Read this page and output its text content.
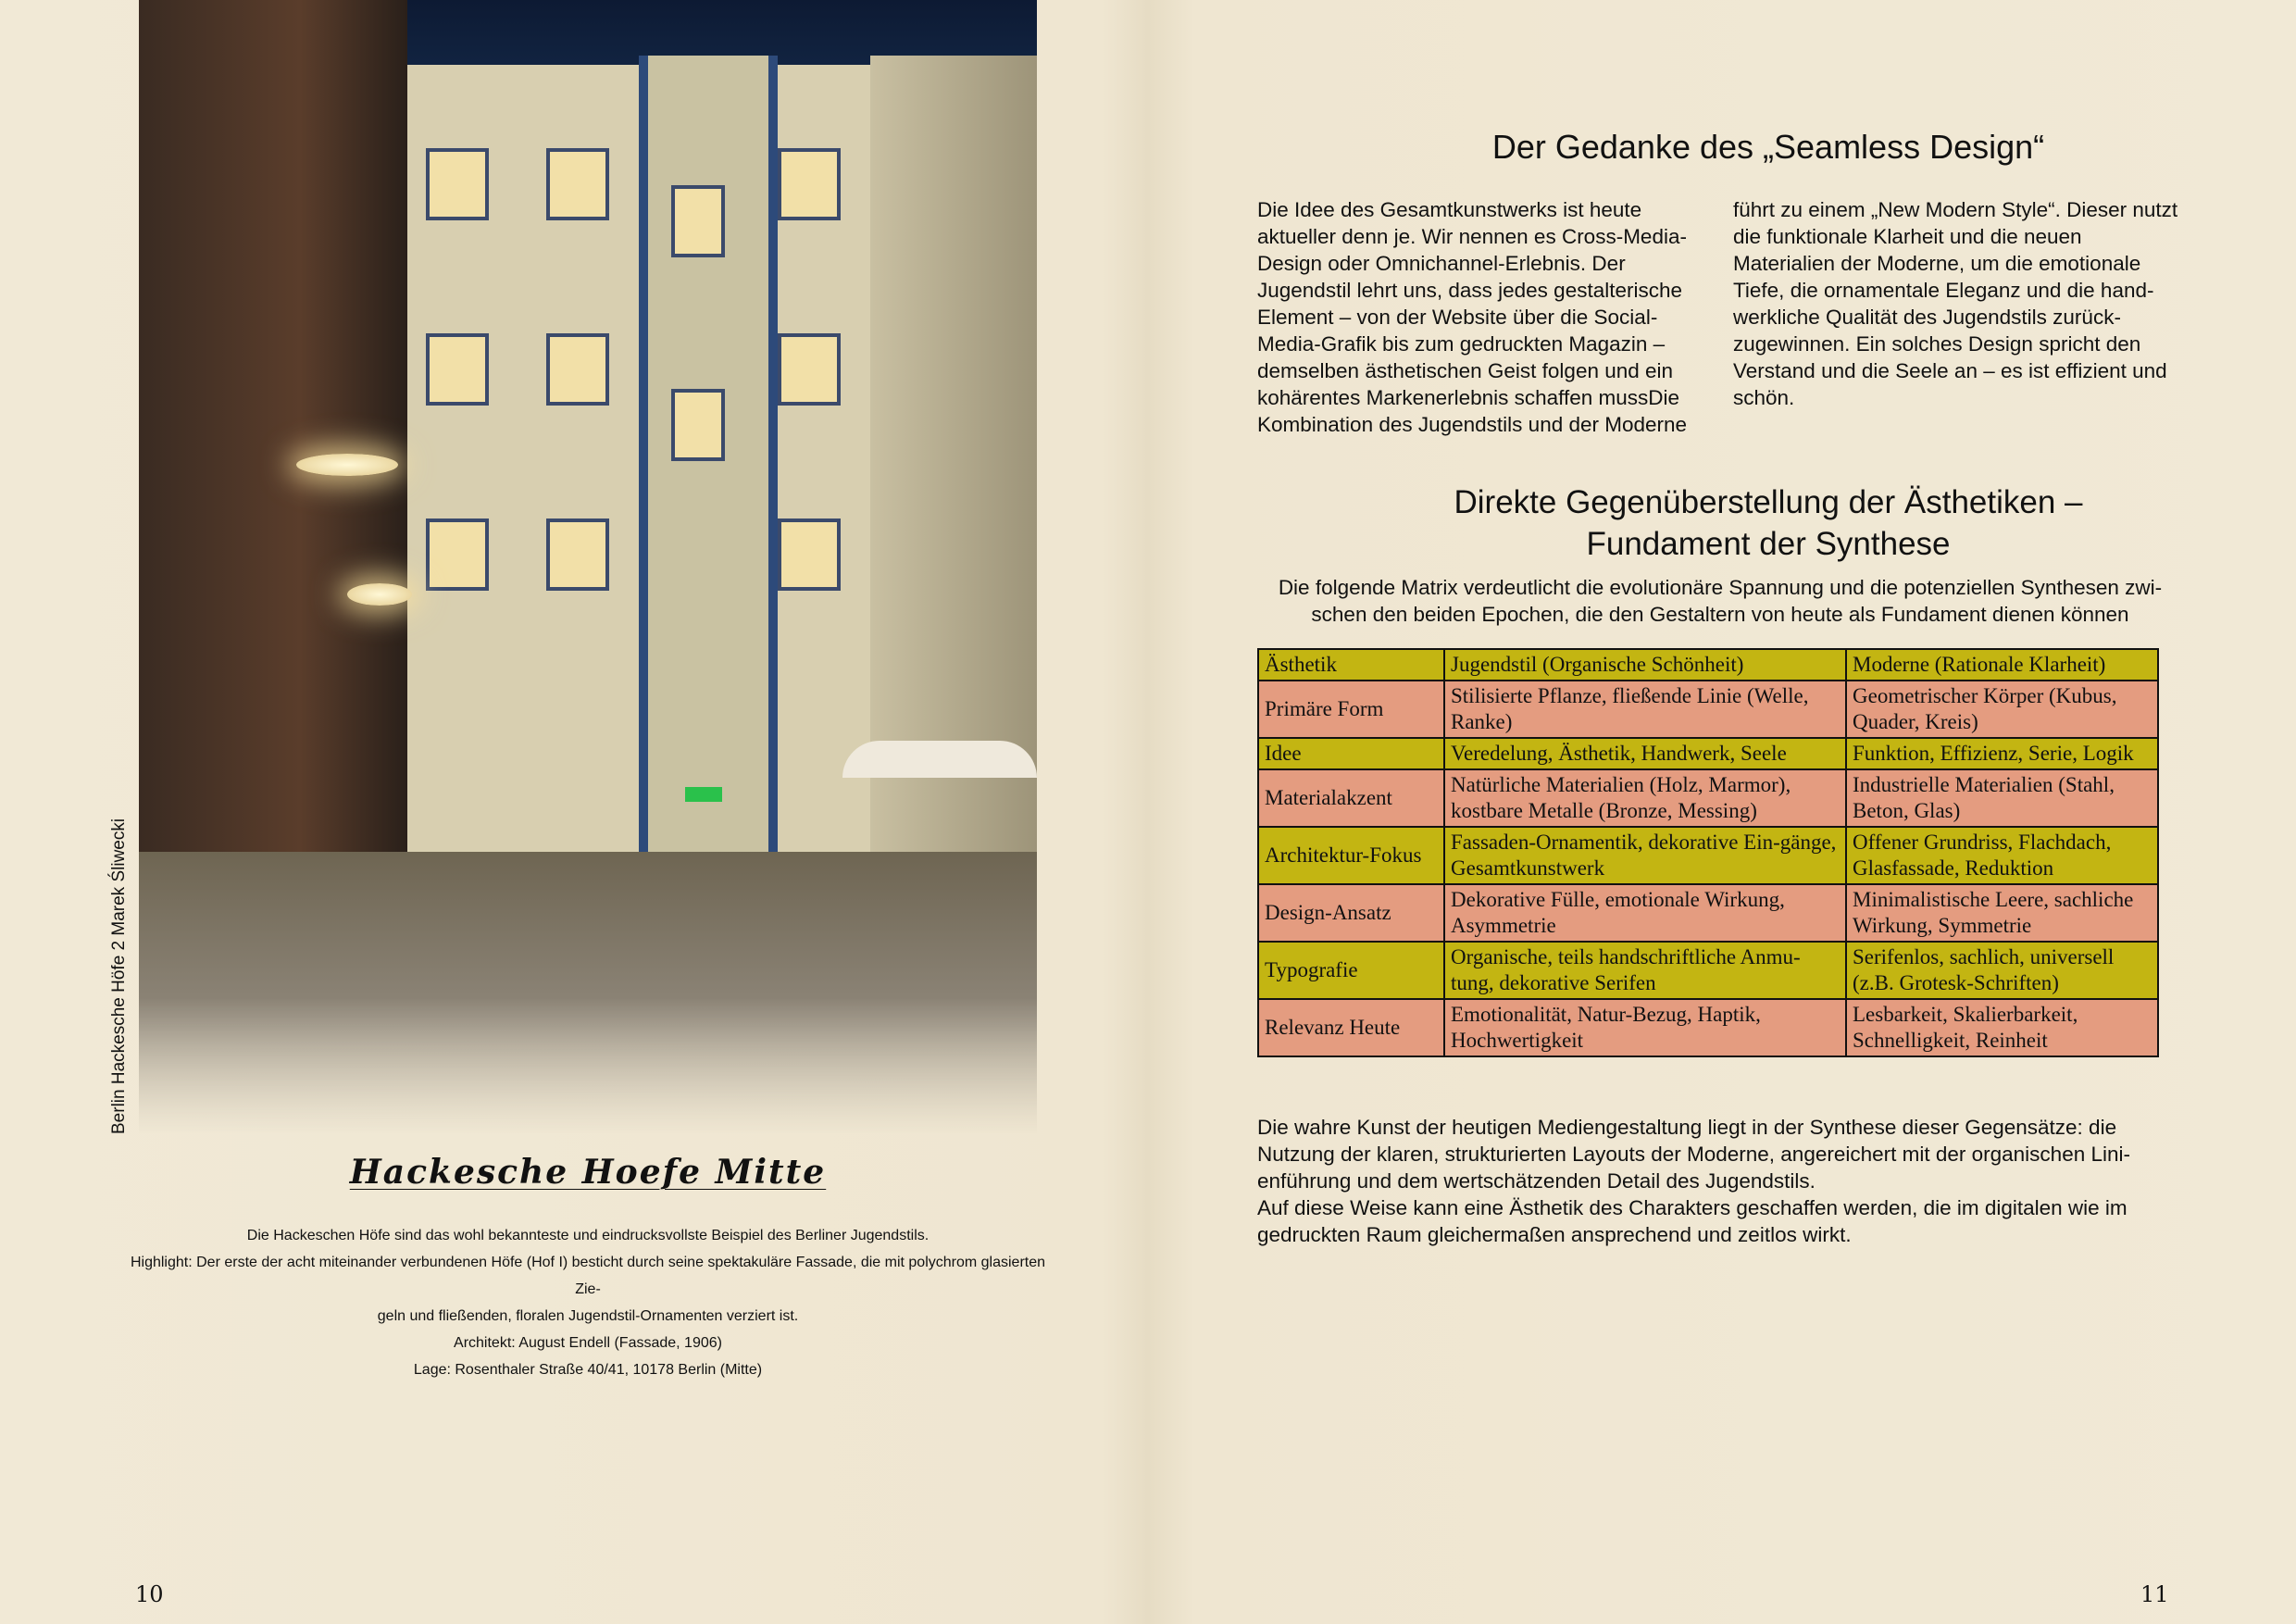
Berlin Hackesche Höfe 2 Marek Śliwecki
Hackesche Hoefe Mitte

Die Hackeschen Höfe sind das wohl bekannteste und eindrucksvollste Beispiel des Berliner Jugendstils.

Highlight: Der erste der acht miteinander verbundenen Höfe (Hof I) besticht durch seine spektakuläre Fassade, die mit polychrom glasierten Zie-

geln und fließenden, floralen Jugendstil-Ornamenten verziert ist.

Architekt: August Endell (Fassade, 1906)

Lage: Rosenthaler Straße 40/41, 10178 Berlin (Mitte)

10
Der Gedanke des „Seamless Design“

Die Idee des Gesamtkunstwerks ist heute aktueller denn je. Wir nennen es Cross-Media-Design oder Omnichannel-Erlebnis. Der Jugendstil lehrt uns, dass jedes gestalterische Element – von der Website über die Social-Media-Grafik bis zum gedruckten Magazin – demselben ästhetischen Geist folgen und ein kohärentes Markenerlebnis schaffen mussDie Kombination des Jugendstils und der Moderne

führt zu einem „New Modern Style“. Dieser nutzt die funktionale Klarheit und die neuen Materialien der Moderne, um die emotionale Tiefe, die ornamentale Eleganz und die hand-werkliche Qualität des Jugendstils zurück-zugewinnen. Ein solches Design spricht den Verstand und die Seele an – es ist effizient und schön.

Direkte Gegenüberstellung der Ästhetiken –
Fundament der Synthese

Die folgende Matrix verdeutlicht die evolutionäre Spannung und die potenziellen Synthesen zwi-schen den beiden Epochen, die den Gestaltern von heute als Fundament dienen können

Ästhetik	Jugendstil (Organische Schönheit)	Moderne (Rationale Klarheit)
Primäre Form	Stilisierte Pflanze, fließende Linie (Welle, Ranke)	Geometrischer Körper (Kubus, Quader, Kreis)
Idee	Veredelung, Ästhetik, Handwerk, Seele	Funktion, Effizienz, Serie, Logik
Materialakzent	Natürliche Materialien (Holz, Marmor), kostbare Metalle (Bronze, Messing)	Industrielle Materialien (Stahl, Beton, Glas)
Architektur-Fokus	Fassaden-Ornamentik, dekorative Ein-gänge, Gesamtkunstwerk	Offener Grundriss, Flachdach, Glasfassade, Reduktion
Design-Ansatz	Dekorative Fülle, emotionale Wirkung, Asymmetrie	Minimalistische Leere, sachliche Wirkung, Symmetrie
Typografie	Organische, teils handschriftliche Anmu-tung, dekorative Serifen	Serifenlos, sachlich, universell (z.B. Grotesk-Schriften)
Relevanz Heute	Emotionalität, Natur-Bezug, Haptik, Hochwertigkeit	Lesbarkeit, Skalierbarkeit, Schnelligkeit, Reinheit

Die wahre Kunst der heutigen Mediengestaltung liegt in der Synthese dieser Gegensätze: die Nutzung der klaren, strukturierten Layouts der Moderne, angereichert mit der organischen Lini-enführung und dem wertschätzenden Detail des Jugendstils.
Auf diese Weise kann eine Ästhetik des Charakters geschaffen werden, die im digitalen wie im gedruckten Raum gleichermaßen ansprechend und zeitlos wirkt.

11
